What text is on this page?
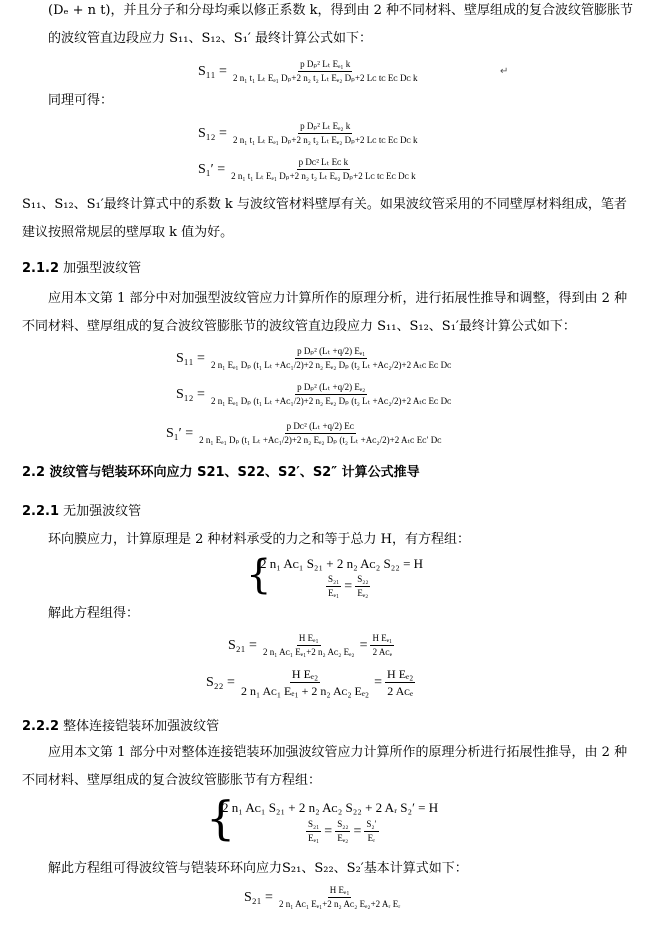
(Dₑ + n t)，并且分子和分母均乘以修正系数 k，得到由 2 种不同材料、壁厚组成的复合波纹管膨胀节
的波纹管直边段应力 S₁₁、S₁₂、S₁′ 最终计算公式如下：
$S_{11} = \frac{\text{p Dₚ² Lₜ Eₑ₁ k}}{\text{2 n₁ t₁ Lₜ Eₑ₁ Dₚ+2 n₂ t₂ Lₜ Eₑ₂ Dₚ+2 Lᴄ tᴄ Eᴄ Dᴄ k}}$	↵
同理可得：
$S_{12} = \frac{\text{p Dₚ² Lₜ Eₑ₂ k}}{\text{2 n₁ t₁ Lₜ Eₑ₁ Dₚ+2 n₂ t₂ Lₜ Eₑ₂ Dₚ+2 Lᴄ tᴄ Eᴄ Dᴄ k}}$
$S_1' = \frac{\text{p Dᴄ² Lₜ Eᴄ k}}{\text{2 n₁ t₁ Lₜ Eₑ₁ Dₚ+2 n₂ t₂ Lₜ Eₑ₂ Dₚ+2 Lᴄ tᴄ Eᴄ Dᴄ k}}$
S₁₁、S₁₂、S₁′最终计算式中的系数 k 与波纹管材料壁厚有关。如果波纹管采用的不同壁厚材料组成，笔者
建议按照常规层的壁厚取 k 值为好。
2.1.2 加强型波纹管
应用本文第 1 部分中对加强型波纹管应力计算所作的原理分析，进行拓展性推导和调整，得到由 2 种
不同材料、壁厚组成的复合波纹管膨胀节的波纹管直边段应力 S₁₁、S₁₂、S₁′最终计算公式如下：
S₁₁ =	p Dₚ² (Lₜ +q/2) Eₑ₁
2 n₁ Eₑ₁ Dₚ (t₁ Lₜ +Aᴄ₁/2)+2 n₂ Eₑ₂ Dₚ (t₂ Lₜ +Aᴄ₂/2)+2 Aₜᴄ Eᴄ Dᴄ
S₁₂ =	p Dₚ² (Lₜ +q/2) Eₑ₂
2 n₁ Eₑ₁ Dₚ (t₁ Lₜ +Aᴄ₁/2)+2 n₂ Eₑ₂ Dₚ (t₂ Lₜ +Aᴄ₂/2)+2 Aₜᴄ Eᴄ Dᴄ
S₁′ =	p Dᴄ² (Lₜ +q/2) Eᴄ
2 n₁ Eₑ₁ Dₚ (t₁ Lₜ +Aᴄ₁/2)+2 n₂ Eₑ₂ Dₚ (t₂ Lₜ +Aᴄ₂/2)+2 Aₜᴄ Eᴄ′ Dᴄ
2.2 波纹管与铠装环环向应力 S21、S22、S2′、S2″ 计算公式推导
2.2.1 无加强波纹管
环向膜应力，计算原理是 2 种材料承受的力之和等于总力 H，有方程组：
{
2 n₁ Aᴄ₁ S₂₁ + 2 n₂ Aᴄ₂ S₂₂ = H
$\frac{\text{S₂₁}}{\text{Eₑ₁}} = \frac{\text{S₂₂}}{\text{Eₑ₂}}$
解此方程组得：
$S_{21} = \frac{\text{H Eₑ₁}}{\text{2 n₁ Aᴄ₁ Eₑ₁+2 n₂ Aᴄ₂ Eₑ₂}} = \frac{\text{H Eₑ₁}}{\text{2 Aᴄₑ}}$
$S_{22} = \frac{\text{H Eₑ₂}}{\text{2 n₁ Aᴄ₁ Eₑ₁ + 2 n₂ Aᴄ₂ Eₑ₂}} = \frac{\text{H Eₑ₂}}{\text{2 Aᴄₑ}}$
2.2.2 整体连接铠装环加强波纹管
应用本文第 1 部分中对整体连接铠装环加强波纹管应力计算所作的原理分析进行拓展性推导，由 2 种
不同材料、壁厚组成的复合波纹管膨胀节有方程组：
{
2 n₁ Aᴄ₁ S₂₁ + 2 n₂ Aᴄ₂ S₂₂ + 2 Aᵣ S₂′ = H
$\frac{\text{S₂₁}}{\text{Eₑ₁}} = \frac{\text{S₂₂}}{\text{Eₑ₂}} = \frac{\text{S₂′}}{\text{Eᵣ}}$
解此方程组可得波纹管与铠装环环向应力S₂₁、S₂₂、S₂′基本计算式如下：
$S_{21} = \frac{\text{H Eₑ₁}}{\text{2 n₁ Aᴄ₁ Eₑ₁+2 n₂ Aᴄ₂ Eₑ₂+2 Aᵣ Eᵣ}}$
